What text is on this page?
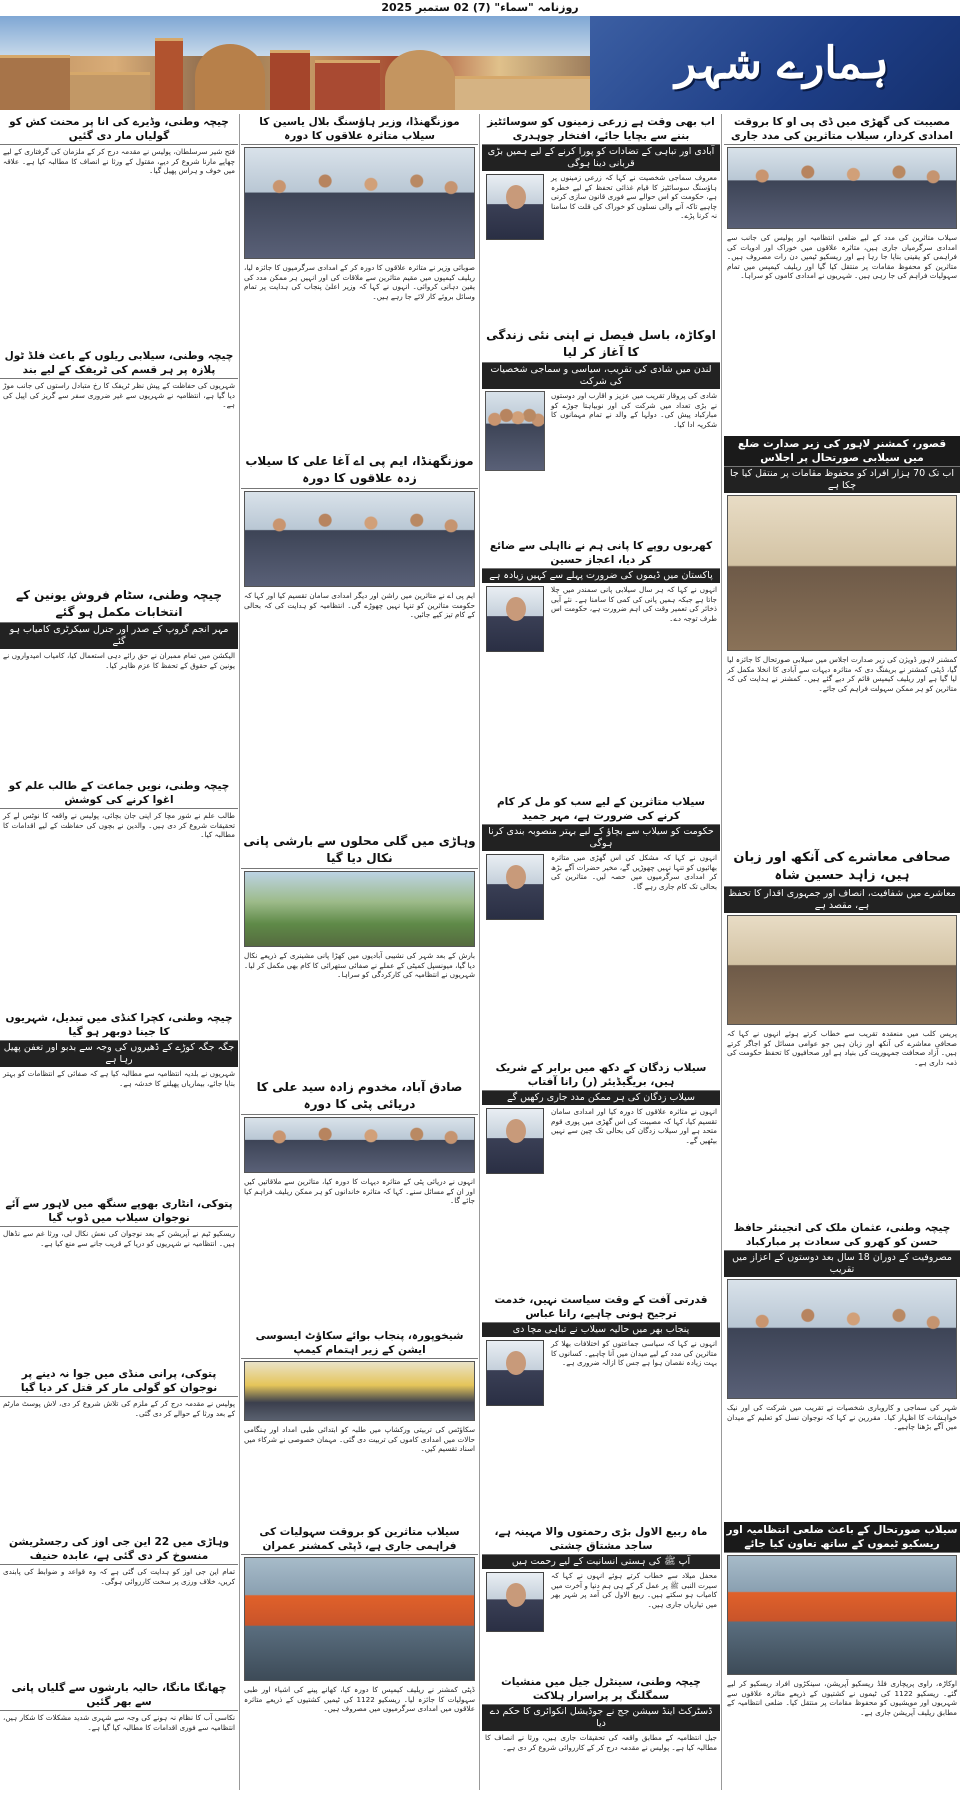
روزنامہ "سماء" (7) 02 ستمبر 2025
ہمارے شہر
مصیبت کی گھڑی میں ڈی پی او کا بروقت امدادی کردار، سیلاب متاثرین کی مدد جاری
سیلاب متاثرین کی مدد کے لیے ضلعی انتظامیہ اور پولیس کی جانب سے امدادی سرگرمیاں جاری ہیں، متاثرہ علاقوں میں خوراک اور ادویات کی فراہمی کو یقینی بنایا جا رہا ہے اور ریسکیو ٹیمیں دن رات مصروف ہیں۔ متاثرین کو محفوظ مقامات پر منتقل کیا گیا اور ریلیف کیمپس میں تمام سہولیات فراہم کی جا رہی ہیں۔ شہریوں نے امدادی کاموں کو سراہا۔
قصور، کمشنر لاہور کی زیر صدارت ضلع میں سیلابی صورتحال پر اجلاس
اب تک 70 ہزار افراد کو محفوظ مقامات پر منتقل کیا جا چکا ہے
کمشنر لاہور ڈویژن کی زیر صدارت اجلاس میں سیلابی صورتحال کا جائزہ لیا گیا، ڈپٹی کمشنر نے بریفنگ دی کہ متاثرہ دیہات سے آبادی کا انخلا مکمل کر لیا گیا ہے اور ریلیف کیمپس قائم کر دیے گئے ہیں۔ کمشنر نے ہدایت کی کہ متاثرین کو ہر ممکن سہولت فراہم کی جائے۔
صحافی معاشرے کی آنکھ اور زبان ہیں، زاہد حسین شاہ
معاشرے میں شفافیت، انصاف اور جمہوری اقدار کا تحفظ ہے، مقصد ہے
پریس کلب میں منعقدہ تقریب سے خطاب کرتے ہوئے انہوں نے کہا کہ صحافی معاشرے کی آنکھ اور زبان ہیں جو عوامی مسائل کو اجاگر کرتے ہیں۔ آزاد صحافت جمہوریت کی بنیاد ہے اور صحافیوں کا تحفظ حکومت کی ذمہ داری ہے۔
چیچہ وطنی، عثمان ملک کی انجینئر حافظ حسن کو کھرو کی سعادت پر مبارکباد
مصروفیت کے دوران 18 سال بعد دوستوں کے اعزاز میں تقریب
شہر کی سماجی و کاروباری شخصیات نے تقریب میں شرکت کی اور نیک خواہشات کا اظہار کیا۔ مقررین نے کہا کہ نوجوان نسل کو تعلیم کے میدان میں آگے بڑھنا چاہیے۔
سیلاب صورتحال کے باعث ضلعی انتظامیہ اور ریسکیو ٹیموں کے ساتھ تعاون کیا جائے
اوکاڑہ، راوی پریچاری فلڈ ریسکیو آپریشن، سینکڑوں افراد ریسکیو کر لیے گئے۔ ریسکیو 1122 کی ٹیموں نے کشتیوں کے ذریعے متاثرہ علاقوں سے شہریوں اور مویشیوں کو محفوظ مقامات پر منتقل کیا۔ ضلعی انتظامیہ کے مطابق ریلیف آپریشن جاری ہے۔
اب بھی وقت ہے زرعی زمینوں کو سوسائٹیز بننے سے بچایا جائے، افتخار چوہدری
آبادی اور تباہی کے تضادات کو پورا کرنے کے لیے ہمیں بڑی قربانی دینا ہوگی
معروف سماجی شخصیت نے کہا کہ زرعی زمینوں پر ہاؤسنگ سوسائٹیز کا قیام غذائی تحفظ کے لیے خطرہ ہے، حکومت کو اس حوالے سے فوری قانون سازی کرنی چاہیے تاکہ آنے والی نسلوں کو خوراک کی قلت کا سامنا نہ کرنا پڑے۔
اوکاڑہ، باسل فیصل نے اپنی نئی زندگی کا آغاز کر لیا
لندن میں شادی کی تقریب، سیاسی و سماجی شخصیات کی شرکت
شادی کی پروقار تقریب میں عزیز و اقارب اور دوستوں نے بڑی تعداد میں شرکت کی اور نوبیاہتا جوڑے کو مبارکباد پیش کی۔ دولہا کے والد نے تمام مہمانوں کا شکریہ ادا کیا۔
کھربوں روپے کا پانی ہم نے نااہلی سے ضائع کر دیا، اعجاز حسین
پاکستان میں ڈیموں کی ضرورت پہلے سے کہیں زیادہ ہے
انہوں نے کہا کہ ہر سال سیلابی پانی سمندر میں چلا جاتا ہے جبکہ ہمیں پانی کی کمی کا سامنا ہے۔ نئے آبی ذخائر کی تعمیر وقت کی اہم ضرورت ہے، حکومت اس طرف توجہ دے۔
سیلاب متاثرین کے لیے سب کو مل کر کام کرنے کی ضرورت ہے، مہر جمید
حکومت کو سیلاب سے بچاؤ کے لیے بہتر منصوبہ بندی کرنا ہوگی
انہوں نے کہا کہ مشکل کی اس گھڑی میں متاثرہ بھائیوں کو تنہا نہیں چھوڑیں گے، مخیر حضرات آگے بڑھ کر امدادی سرگرمیوں میں حصہ لیں۔ متاثرین کی بحالی تک کام جاری رہے گا۔
سیلاب زدگان کے دکھ میں برابر کے شریک ہیں، بریگیڈیئر (ر) رانا آفتاب
سیلاب زدگان کی ہر ممکن مدد جاری رکھیں گے
انہوں نے متاثرہ علاقوں کا دورہ کیا اور امدادی سامان تقسیم کیا، کہا کہ مصیبت کی اس گھڑی میں پوری قوم متحد ہے اور سیلاب زدگان کی بحالی تک چین سے نہیں بیٹھیں گے۔
قدرتی آفت کے وقت سیاست نہیں، خدمت ترجیح ہونی چاہیے، رانا عباس
پنجاب بھر میں حالیہ سیلاب نے تباہی مچا دی
انہوں نے کہا کہ سیاسی جماعتوں کو اختلافات بھلا کر متاثرین کی مدد کے لیے میدان میں آنا چاہیے۔ کسانوں کا بہت زیادہ نقصان ہوا ہے جس کا ازالہ ضروری ہے۔
ماہ ربیع الاول بڑی رحمتوں والا مہینہ ہے، ساجد مشتاق چشتی
آپ ﷺ کی ہستی انسانیت کے لیے رحمت ہیں
محفل میلاد سے خطاب کرتے ہوئے انہوں نے کہا کہ سیرت النبی ﷺ پر عمل کر کے ہی ہم دنیا و آخرت میں کامیاب ہو سکتے ہیں۔ ربیع الاول کی آمد پر شہر بھر میں تیاریاں جاری ہیں۔
چیچہ وطنی، سینٹرل جیل میں منشیات سمگلنگ پر پراسرار ہلاکت
ڈسٹرکٹ اینڈ سیشن جج نے جوڈیشل انکوائری کا حکم دے دیا
جیل انتظامیہ کے مطابق واقعہ کی تحقیقات جاری ہیں، ورثا نے انصاف کا مطالبہ کیا ہے۔ پولیس نے مقدمہ درج کر کے کارروائی شروع کر دی ہے۔
موزنگھنڈا، وزیر ہاؤسنگ بلال یاسین کا سیلاب متاثرہ علاقوں کا دورہ
صوبائی وزیر نے متاثرہ علاقوں کا دورہ کر کے امدادی سرگرمیوں کا جائزہ لیا، ریلیف کیمپوں میں مقیم متاثرین سے ملاقات کی اور انہیں ہر ممکن مدد کی یقین دہانی کروائی۔ انہوں نے کہا کہ وزیر اعلیٰ پنجاب کی ہدایت پر تمام وسائل بروئے کار لائے جا رہے ہیں۔
موزنگھنڈا، ایم پی اے آغا علی کا سیلاب زدہ علاقوں کا دورہ
ایم پی اے نے متاثرین میں راشن اور دیگر امدادی سامان تقسیم کیا اور کہا کہ حکومت متاثرین کو تنہا نہیں چھوڑے گی۔ انتظامیہ کو ہدایت کی کہ بحالی کے کام تیز کیے جائیں۔
وہاڑی میں گلی محلوں سے بارشی پانی نکال دیا گیا
بارش کے بعد شہر کی نشیبی آبادیوں میں کھڑا پانی مشینری کے ذریعے نکال دیا گیا، میونسپل کمیٹی کے عملے نے صفائی ستھرائی کا کام بھی مکمل کر لیا۔ شہریوں نے انتظامیہ کی کارکردگی کو سراہا۔
صادق آباد، مخدوم زادہ سید علی کا دریائی پٹی کا دورہ
انہوں نے دریائی پٹی کے متاثرہ دیہات کا دورہ کیا، متاثرین سے ملاقاتیں کیں اور ان کے مسائل سنے۔ کہا کہ متاثرہ خاندانوں کو ہر ممکن ریلیف فراہم کیا جائے گا۔
شیخوپورہ، پنجاب بوائے سکاؤٹ ایسوسی ایشن کے زیر اہتمام کیمپ
سکاؤٹس کی تربیتی ورکشاپ میں طلبہ کو ابتدائی طبی امداد اور ہنگامی حالات میں امدادی کاموں کی تربیت دی گئی۔ مہمان خصوصی نے شرکاء میں اسناد تقسیم کیں۔
سیلاب متاثرین کو بروقت سہولیات کی فراہمی جاری ہے، ڈپٹی کمشنر عمران
ڈپٹی کمشنر نے ریلیف کیمپس کا دورہ کیا، کھانے پینے کی اشیاء اور طبی سہولیات کا جائزہ لیا۔ ریسکیو 1122 کی ٹیمیں کشتیوں کے ذریعے متاثرہ علاقوں میں امدادی سرگرمیوں میں مصروف ہیں۔
چیچہ وطنی، وڈیرے کی انا پر محنت کش کو گولیاں مار دی گئیں
فتح شیر سرسلطان، پولیس نے مقدمہ درج کر کے ملزمان کی گرفتاری کے لیے چھاپے مارنا شروع کر دیے، مقتول کے ورثا نے انصاف کا مطالبہ کیا ہے۔ علاقہ میں خوف و ہراس پھیل گیا۔
چیچہ وطنی، سیلابی ریلوں کے باعث فلڈ ٹول پلازہ پر ہر قسم کی ٹریفک کے لیے بند
شہریوں کی حفاظت کے پیش نظر ٹریفک کا رخ متبادل راستوں کی جانب موڑ دیا گیا ہے، انتظامیہ نے شہریوں سے غیر ضروری سفر سے گریز کی اپیل کی ہے۔
چیچہ وطنی، سٹام فروش یونین کے انتخابات مکمل ہو گئے
مہر انجم گروپ کے صدر اور جنرل سیکرٹری کامیاب ہو گئے
الیکشن میں تمام ممبران نے حق رائے دہی استعمال کیا، کامیاب امیدواروں نے یونین کے حقوق کے تحفظ کا عزم ظاہر کیا۔
چیچہ وطنی، نویں جماعت کے طالب علم کو اغوا کرنے کی کوشش
طالب علم نے شور مچا کر اپنی جان بچائی، پولیس نے واقعہ کا نوٹس لے کر تحقیقات شروع کر دی ہیں۔ والدین نے بچوں کی حفاظت کے لیے اقدامات کا مطالبہ کیا۔
چیچہ وطنی، کچرا کنڈی میں تبدیل، شہریوں کا جینا دوبھر ہو گیا
جگہ جگہ کوڑے کے ڈھیروں کی وجہ سے بدبو اور تعفن پھیل رہا ہے
شہریوں نے بلدیہ انتظامیہ سے مطالبہ کیا ہے کہ صفائی کے انتظامات کو بہتر بنایا جائے، بیماریاں پھیلنے کا خدشہ ہے۔
پتوکی، انٹاری بھوپے سنگھ میں لاہور سے آئے نوجوان سیلاب میں ڈوب گیا
ریسکیو ٹیم نے آپریشن کے بعد نوجوان کی نعش نکال لی، ورثا غم سے نڈھال ہیں۔ انتظامیہ نے شہریوں کو دریا کے قریب جانے سے منع کیا ہے۔
پتوکی، پرانی منڈی میں جوا نہ دینے پر نوجوان کو گولی مار کر قتل کر دیا گیا
پولیس نے مقدمہ درج کر کے ملزم کی تلاش شروع کر دی، لاش پوسٹ مارٹم کے بعد ورثا کے حوالے کر دی گئی۔
وہاڑی میں 22 این جی اوز کی رجسٹریشن منسوخ کر دی گئی ہے، عابدہ حنیف
تمام این جی اوز کو ہدایت کی گئی ہے کہ وہ قواعد و ضوابط کی پابندی کریں، خلاف ورزی پر سخت کارروائی ہوگی۔
چھانگا مانگا، حالیہ بارشوں سے گلیاں پانی سے بھر گئیں
نکاسی آب کا نظام نہ ہونے کی وجہ سے شہری شدید مشکلات کا شکار ہیں، انتظامیہ سے فوری اقدامات کا مطالبہ کیا گیا ہے۔
